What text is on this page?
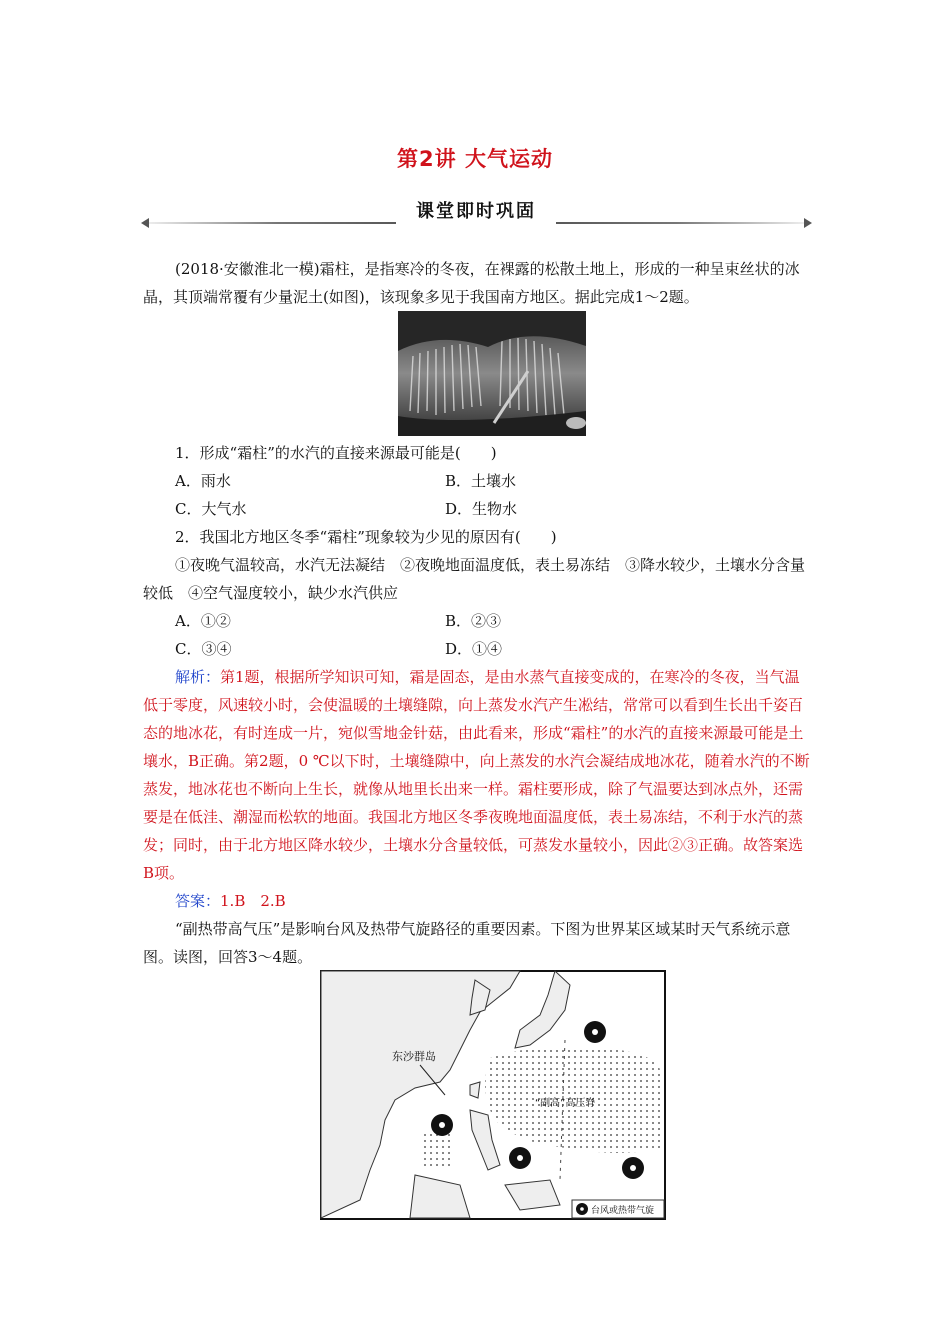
第2讲 大气运动
课堂即时巩固
(2018·安徽淮北一模)霜柱，是指寒冷的冬夜，在裸露的松散土地上，形成的一种呈束丝状的冰晶，其顶端常覆有少量泥土(如图)，该现象多见于我国南方地区。据此完成1～2题。
1．形成“霜柱”的水汽的直接来源最可能是(　　)
A．雨水	B．土壤水
C．大气水	D．生物水
2．我国北方地区冬季“霜柱”现象较为少见的原因有(　　)
①夜晚气温较高，水汽无法凝结　②夜晚地面温度低，表土易冻结　③降水较少，土壤水分含量较低　④空气湿度较小，缺少水汽供应
A．①②	B．②③
C．③④	D．①④
解析：第1题，根据所学知识可知，霜是固态，是由水蒸气直接变成的，在寒冷的冬夜，当气温低于零度，风速较小时，会使温暖的土壤缝隙，向上蒸发水汽产生凇结，常常可以看到生长出千姿百态的地冰花，有时连成一片，宛似雪地金针菇，由此看来，形成“霜柱”的水汽的直接来源最可能是土壤水，B正确。第2题，0 ℃以下时，土壤缝隙中，向上蒸发的水汽会凝结成地冰花，随着水汽的不断蒸发，地冰花也不断向上生长，就像从地里长出来一样。霜柱要形成，除了气温要达到冰点外，还需要是在低洼、潮湿而松软的地面。我国北方地区冬季夜晚地面温度低，表土易冻结，不利于水汽的蒸发；同时，由于北方地区降水较少，土壤水分含量较低，可蒸发水量较小，因此②③正确。故答案选B项。
答案：1.B　2.B
“副热带高气压”是影响台风及热带气旋路径的重要因素。下图为世界某区域某时天气系统示意图。读图，回答3～4题。
东沙群岛
“副高”高压脊
台风或热带气旋
